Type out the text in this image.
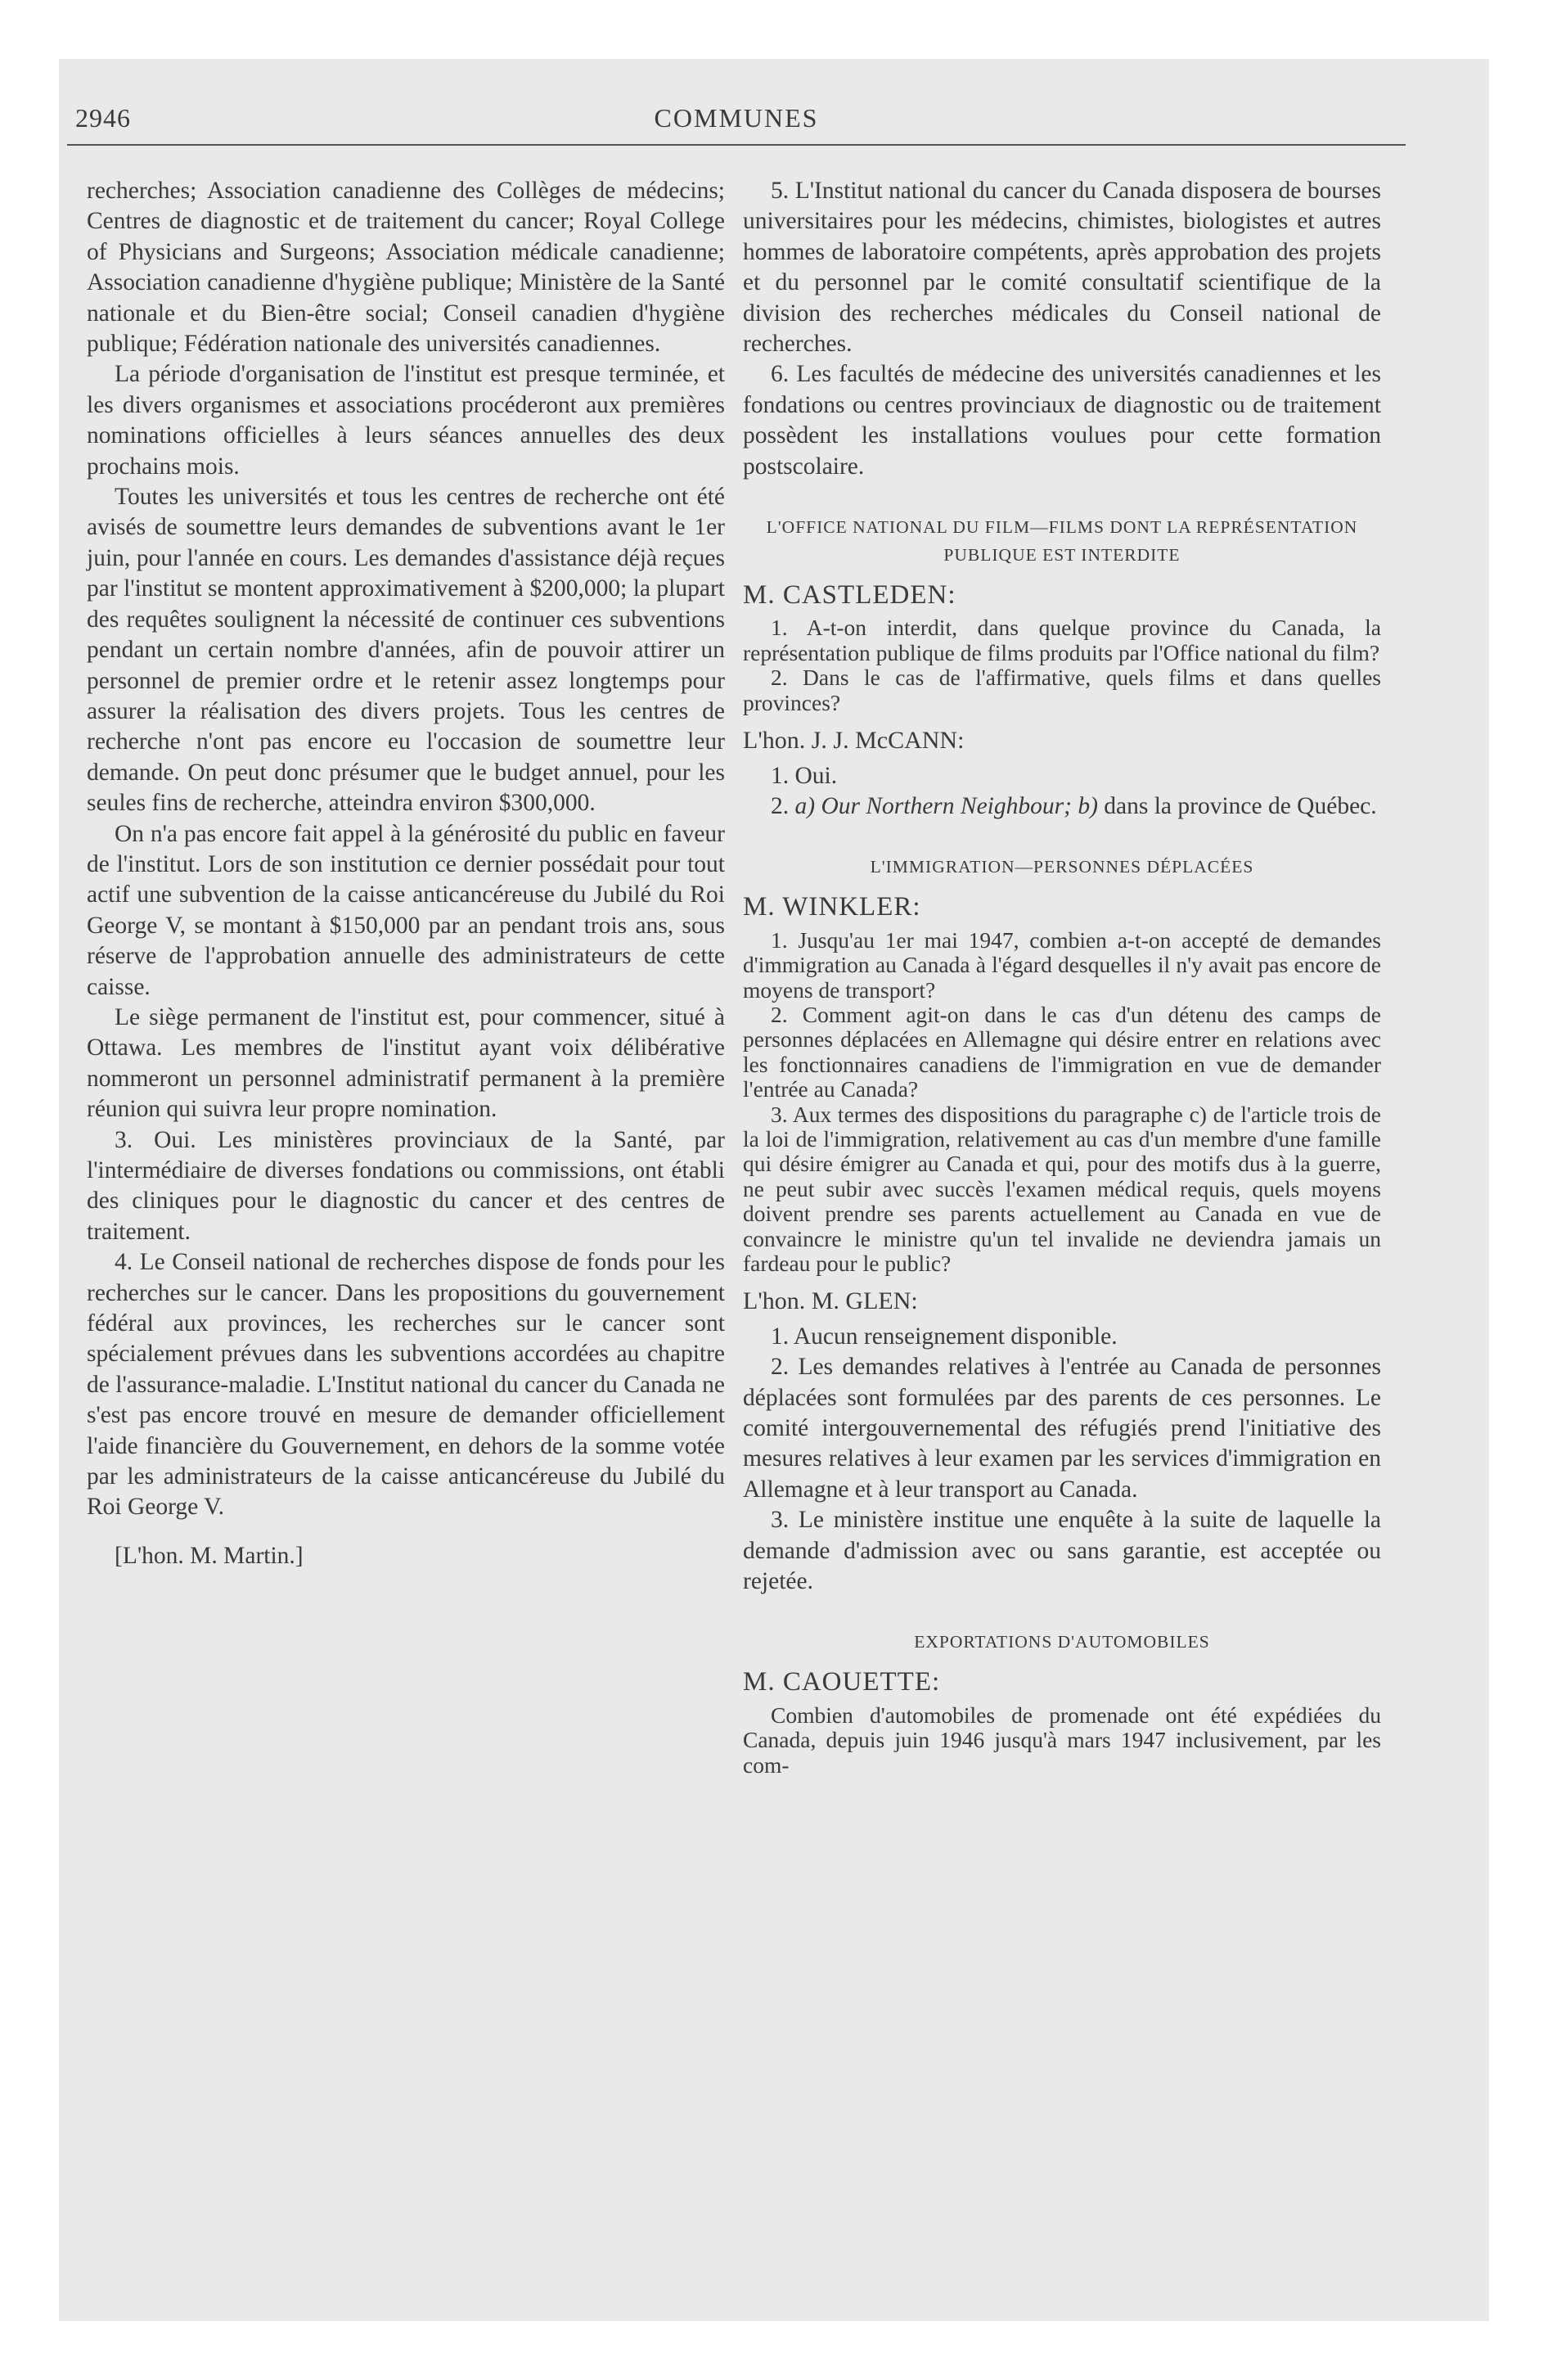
2946	COMMUNES

recherches; Association canadienne des Collèges de médecins; Centres de diagnostic et de traitement du cancer; Royal College of Physicians and Surgeons; Association médicale canadienne; Association canadienne d'hygiène publique; Ministère de la Santé nationale et du Bien-être social; Conseil canadien d'hygiène publique; Fédération nationale des universités canadiennes.

La période d'organisation de l'institut est presque terminée, et les divers organismes et associations procéderont aux premières nominations officielles à leurs séances annuelles des deux prochains mois.

Toutes les universités et tous les centres de recherche ont été avisés de soumettre leurs demandes de subventions avant le 1er juin, pour l'année en cours. Les demandes d'assistance déjà reçues par l'institut se montent approximativement à $200,000; la plupart des requêtes soulignent la nécessité de continuer ces subventions pendant un certain nombre d'années, afin de pouvoir attirer un personnel de premier ordre et le retenir assez longtemps pour assurer la réalisation des divers projets. Tous les centres de recherche n'ont pas encore eu l'occasion de soumettre leur demande. On peut donc présumer que le budget annuel, pour les seules fins de recherche, atteindra environ $300,000.

On n'a pas encore fait appel à la générosité du public en faveur de l'institut. Lors de son institution ce dernier possédait pour tout actif une subvention de la caisse anticancéreuse du Jubilé du Roi George V, se montant à $150,000 par an pendant trois ans, sous réserve de l'approbation annuelle des administrateurs de cette caisse.

Le siège permanent de l'institut est, pour commencer, situé à Ottawa. Les membres de l'institut ayant voix délibérative nommeront un personnel administratif permanent à la première réunion qui suivra leur propre nomination.

3. Oui. Les ministères provinciaux de la Santé, par l'intermédiaire de diverses fondations ou commissions, ont établi des cliniques pour le diagnostic du cancer et des centres de traitement.

4. Le Conseil national de recherches dispose de fonds pour les recherches sur le cancer. Dans les propositions du gouvernement fédéral aux provinces, les recherches sur le cancer sont spécialement prévues dans les subventions accordées au chapitre de l'assurance-maladie. L'Institut national du cancer du Canada ne s'est pas encore trouvé en mesure de demander officiellement l'aide financière du Gouvernement, en dehors de la somme votée par les administrateurs de la caisse anticancéreuse du Jubilé du Roi George V.

[L'hon. M. Martin.]

5. L'Institut national du cancer du Canada disposera de bourses universitaires pour les médecins, chimistes, biologistes et autres hommes de laboratoire compétents, après approbation des projets et du personnel par le comité consultatif scientifique de la division des recherches médicales du Conseil national de recherches.

6. Les facultés de médecine des universités canadiennes et les fondations ou centres provinciaux de diagnostic ou de traitement possèdent les installations voulues pour cette formation postscolaire.

L'OFFICE NATIONAL DU FILM—FILMS DONT LA REPRÉSENTATION PUBLIQUE EST INTERDITE
M. CASTLEDEN:

1. A-t-on interdit, dans quelque province du Canada, la représentation publique de films produits par l'Office national du film?

2. Dans le cas de l'affirmative, quels films et dans quelles provinces?

L'hon. J. J. McCANN:

1. Oui.

2. a) Our Northern Neighbour; b) dans la province de Québec.

L'IMMIGRATION—PERSONNES DÉPLACÉES
M. WINKLER:

1. Jusqu'au 1er mai 1947, combien a-t-on accepté de demandes d'immigration au Canada à l'égard desquelles il n'y avait pas encore de moyens de transport?

2. Comment agit-on dans le cas d'un détenu des camps de personnes déplacées en Allemagne qui désire entrer en relations avec les fonctionnaires canadiens de l'immigration en vue de demander l'entrée au Canada?

3. Aux termes des dispositions du paragraphe c) de l'article trois de la loi de l'immigration, relativement au cas d'un membre d'une famille qui désire émigrer au Canada et qui, pour des motifs dus à la guerre, ne peut subir avec succès l'examen médical requis, quels moyens doivent prendre ses parents actuellement au Canada en vue de convaincre le ministre qu'un tel invalide ne deviendra jamais un fardeau pour le public?

L'hon. M. GLEN:

1. Aucun renseignement disponible.

2. Les demandes relatives à l'entrée au Canada de personnes déplacées sont formulées par des parents de ces personnes. Le comité intergouvernemental des réfugiés prend l'initiative des mesures relatives à leur examen par les services d'immigration en Allemagne et à leur transport au Canada.

3. Le ministère institue une enquête à la suite de laquelle la demande d'admission avec ou sans garantie, est acceptée ou rejetée.

EXPORTATIONS D'AUTOMOBILES
M. CAOUETTE:

Combien d'automobiles de promenade ont été expédiées du Canada, depuis juin 1946 jusqu'à mars 1947 inclusivement, par les com-
